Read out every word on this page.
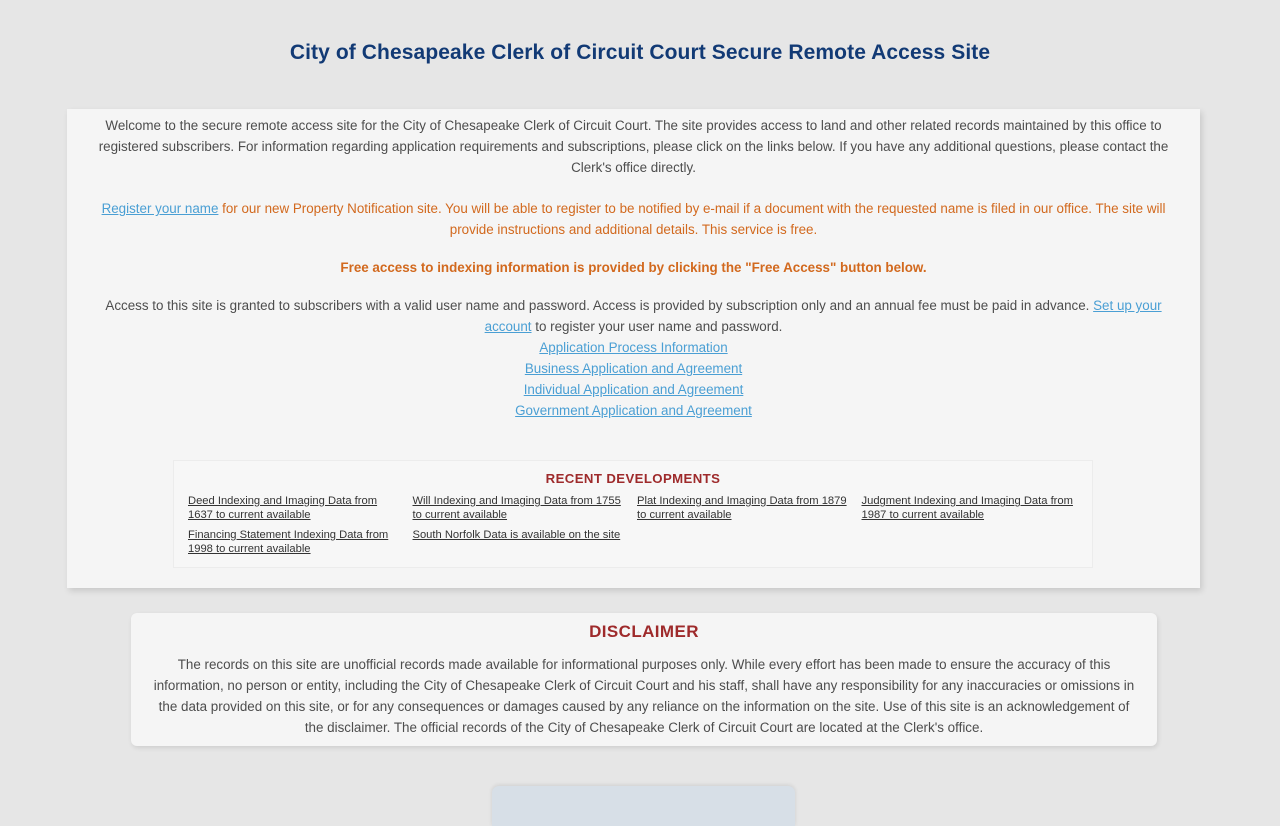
City of Chesapeake Clerk of Circuit Court Secure Remote Access Site

Welcome to the secure remote access site for the City of Chesapeake Clerk of Circuit Court. The site provides access to land and other related records maintained by this office to registered subscribers. For information regarding application requirements and subscriptions, please click on the links below. If you have any additional questions, please contact the Clerk's office directly.

Register your name for our new Property Notification site. You will be able to register to be notified by e-mail if a document with the requested name is filed in our office. The site will provide instructions and additional details. This service is free.

Free access to indexing information is provided by clicking the "Free Access" button below.

Access to this site is granted to subscribers with a valid user name and password. Access is provided by subscription only and an annual fee must be paid in advance. Set up your account to register your user name and password.

Application Process Information
Business Application and Agreement
Individual Application and Agreement
Government Application and Agreement
RECENT DEVELOPMENTS
Deed Indexing and Imaging Data from 1637 to current available
Will Indexing and Imaging Data from 1755 to current available
Plat Indexing and Imaging Data from 1879 to current available
Judgment Indexing and Imaging Data from 1987 to current available
Financing Statement Indexing Data from 1998 to current available
South Norfolk Data is available on the site
DISCLAIMER

The records on this site are unofficial records made available for informational purposes only. While every effort has been made to ensure the accuracy of this information, no person or entity, including the City of Chesapeake Clerk of Circuit Court and his staff, shall have any responsibility for any inaccuracies or omissions in the data provided on this site, or for any consequences or damages caused by any reliance on the information on the site. Use of this site is an acknowledgement of the disclaimer. The official records of the City of Chesapeake Clerk of Circuit Court are located at the Clerk's office.
